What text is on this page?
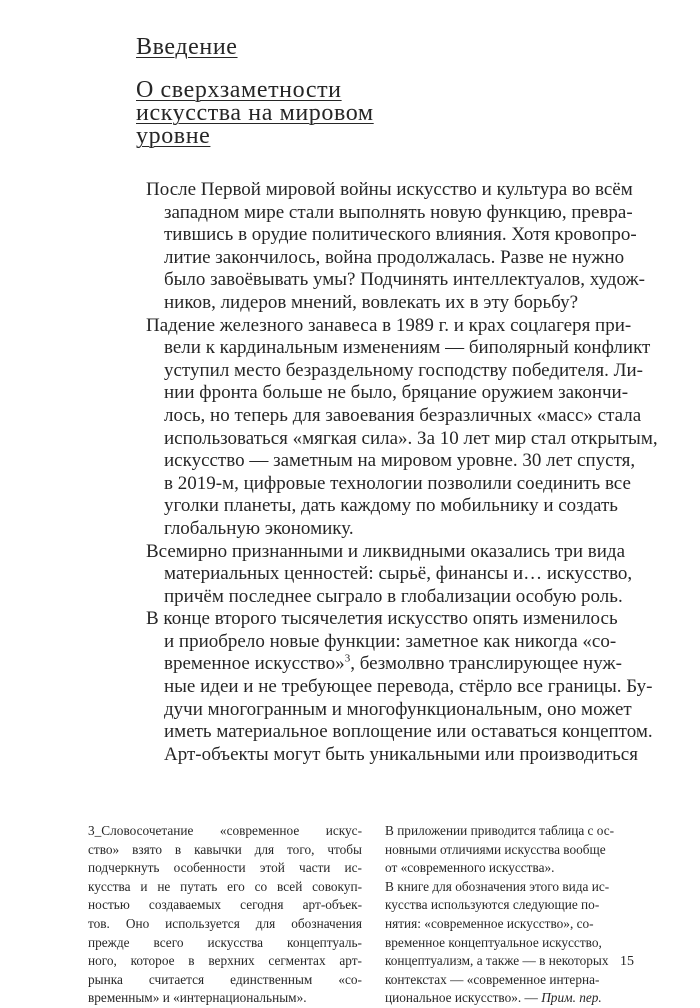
Введение
О сверхзаметности
искусства на мировом
уровне
После Первой мировой войны искусство и культура во всём
западном мире стали выполнять новую функцию, превра-
тившись в орудие политического влияния. Хотя кровопро-
литие закончилось, война продолжалась. Разве не нужно
было завоёвывать умы? Подчинять интеллектуалов, худож-
ников, лидеров мнений, вовлекать их в эту борьбу?
Падение железного занавеса в 1989 г. и крах соцлагеря при-
вели к кардинальным изменениям — биполярный конфликт
уступил место безраздельному господству победителя. Ли-
нии фронта больше не было, бряцание оружием закончи-
лось, но теперь для завоевания безразличных «масс» стала
использоваться «мягкая сила». За 10 лет мир стал открытым,
искусство — заметным на мировом уровне. 30 лет спустя,
в 2019-м, цифровые технологии позволили соединить все
уголки планеты, дать каждому по мобильнику и создать
глобальную экономику.
Всемирно признанными и ликвидными оказались три вида
материальных ценностей: сырьё, финансы и… искусство,
причём последнее сыграло в глобализации особую роль.
В конце второго тысячелетия искусство опять изменилось
и приобрело новые функции: заметное как никогда «со-
временное искусство»$^3$, безмолвно транслирующее нуж-
ные идеи и не требующее перевода, стёрло все границы. Бу-
дучи многогранным и многофункциональным, оно может
иметь материальное воплощение или оставаться концептом.
Арт-объекты могут быть уникальными или производиться
3_Словосочетание «современное искус-
ство» взято в кавычки для того, чтобы
подчеркнуть особенности этой части ис-
кусства и не путать его со всей совокуп-
ностью создаваемых сегодня арт-объек-
тов. Оно используется для обозначения
прежде всего искусства концептуаль-
ного, которое в верхних сегментах арт-
рынка считается единственным «со-
временным» и «интернациональным».
В приложении приводится таблица с ос-
новными отличиями искусства вообще
от «современного искусства».
В книге для обозначения этого вида ис-
кусства используются следующие по-
нятия: «современное искусство», со-
временное концептуальное искусство,
концептуализм, а также — в некоторых
контекстах — «современное интерна-
циональное искусство». — Прим. пер.
15
